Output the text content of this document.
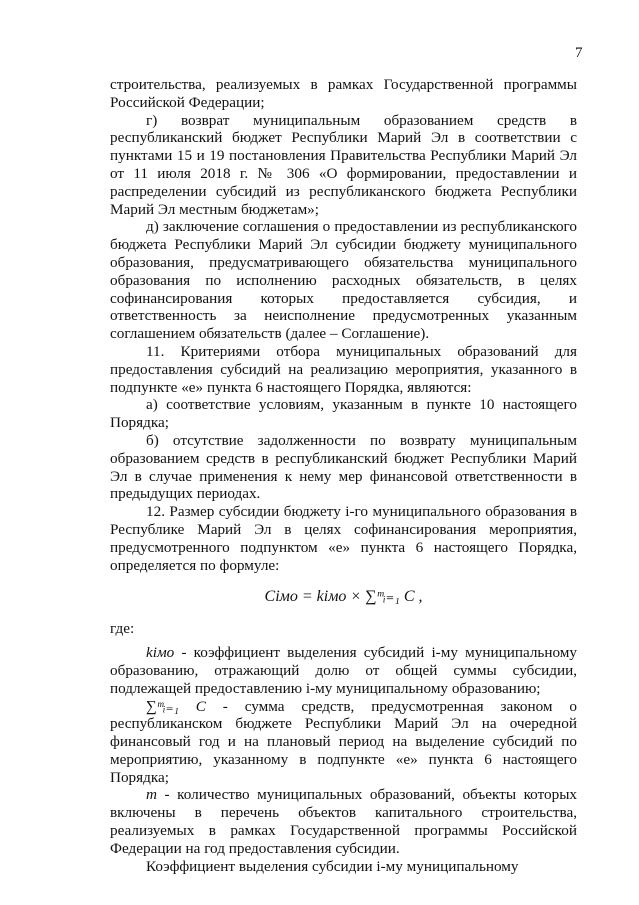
7

строительства, реализуемых в рамках Государственной программы Российской Федерации;

г) возврат муниципальным образованием средств в республиканский бюджет Республики Марий Эл в соответствии с пунктами 15 и 19 постановления Правительства Республики Марий Эл от 11 июля 2018 г. № 306 «О формировании, предоставлении и распределении субсидий из республиканского бюджета Республики Марий Эл местным бюджетам»;

д) заключение соглашения о предоставлении из республиканского бюджета Республики Марий Эл субсидии бюджету муниципального образования, предусматривающего обязательства муниципального образования по исполнению расходных обязательств, в целях софинансирования которых предоставляется субсидия, и ответственность за неисполнение предусмотренных указанным соглашением обязательств (далее – Соглашение).

11. Критериями отбора муниципальных образований для предоставления субсидий на реализацию мероприятия, указанного в подпункте «е» пункта 6 настоящего Порядка, являются:

а) соответствие условиям, указанным в пункте 10 настоящего Порядка;

б) отсутствие задолженности по возврату муниципальным образованием средств в республиканский бюджет Республики Марий Эл в случае применения к нему мер финансовой ответственности в предыдущих периодах.

12. Размер субсидии бюджету i-го муниципального образования в Республике Марий Эл в целях софинансирования мероприятия, предусмотренного подпунктом «е» пункта 6 настоящего Порядка, определяется по формуле:

Ciмо = kiмо × ∑ᵐᵢ₌₁ C ,

где:

kiмо - коэффициент выделения субсидий i-му муниципальному образованию, отражающий долю от общей суммы субсидии, подлежащей предоставлению i-му муниципальному образованию;

∑ᵐᵢ₌₁ C - сумма средств, предусмотренная законом о республиканском бюджете Республики Марий Эл на очередной финансовый год и на плановый период на выделение субсидий по мероприятию, указанному в подпункте «е» пункта 6 настоящего Порядка;

m - количество муниципальных образований, объекты которых включены в перечень объектов капитального строительства, реализуемых в рамках Государственной программы Российской Федерации на год предоставления субсидии.

Коэффициент выделения субсидии i-му муниципальному
